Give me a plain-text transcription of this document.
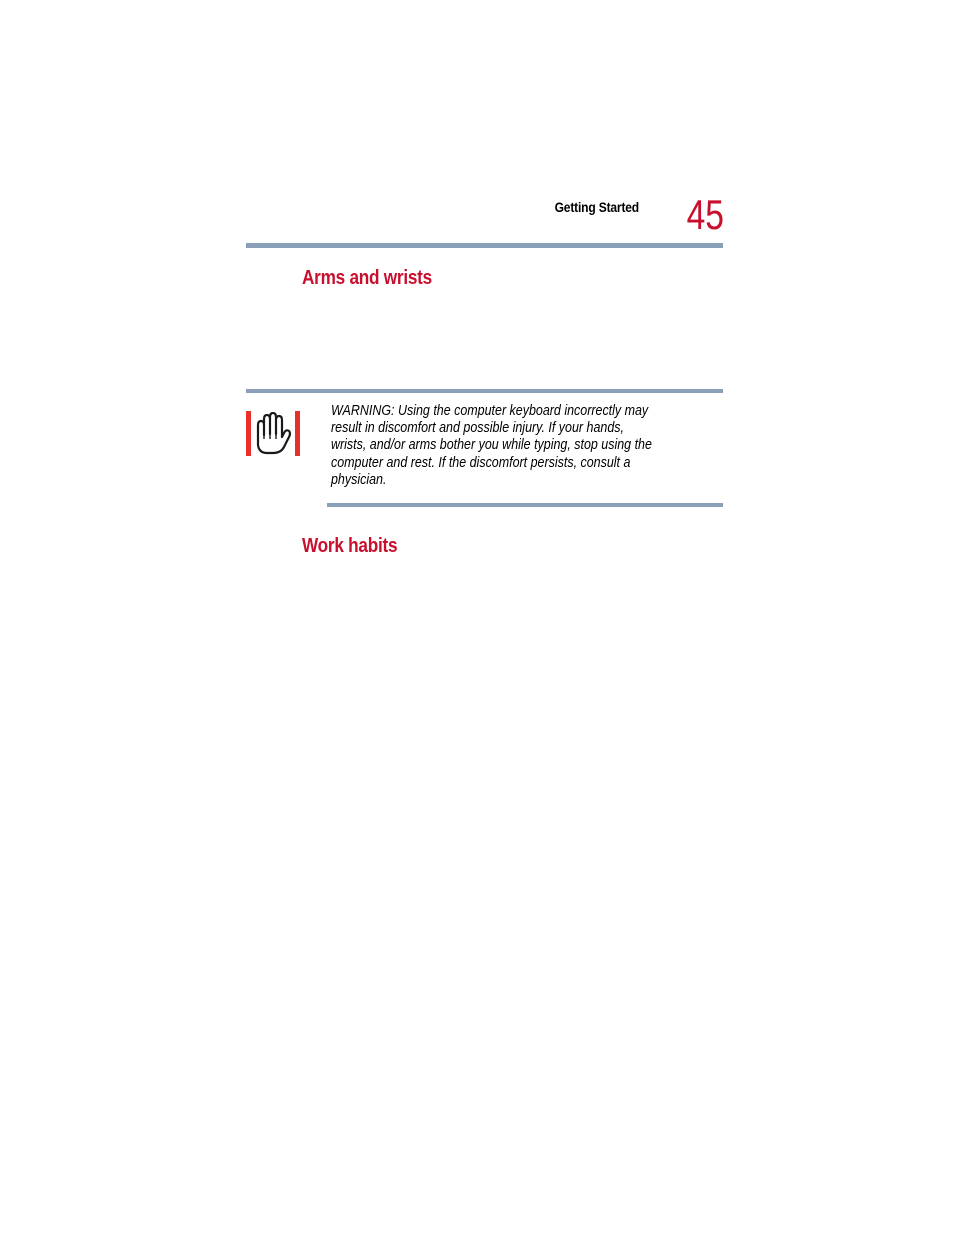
Getting Started 45
Arms and wrists
WARNING: Using the computer keyboard incorrectly may
result in discomfort and possible injury. If your hands,
wrists, and/or arms bother you while typing, stop using the
computer and rest. If the discomfort persists, consult a
physician.
Work habits
